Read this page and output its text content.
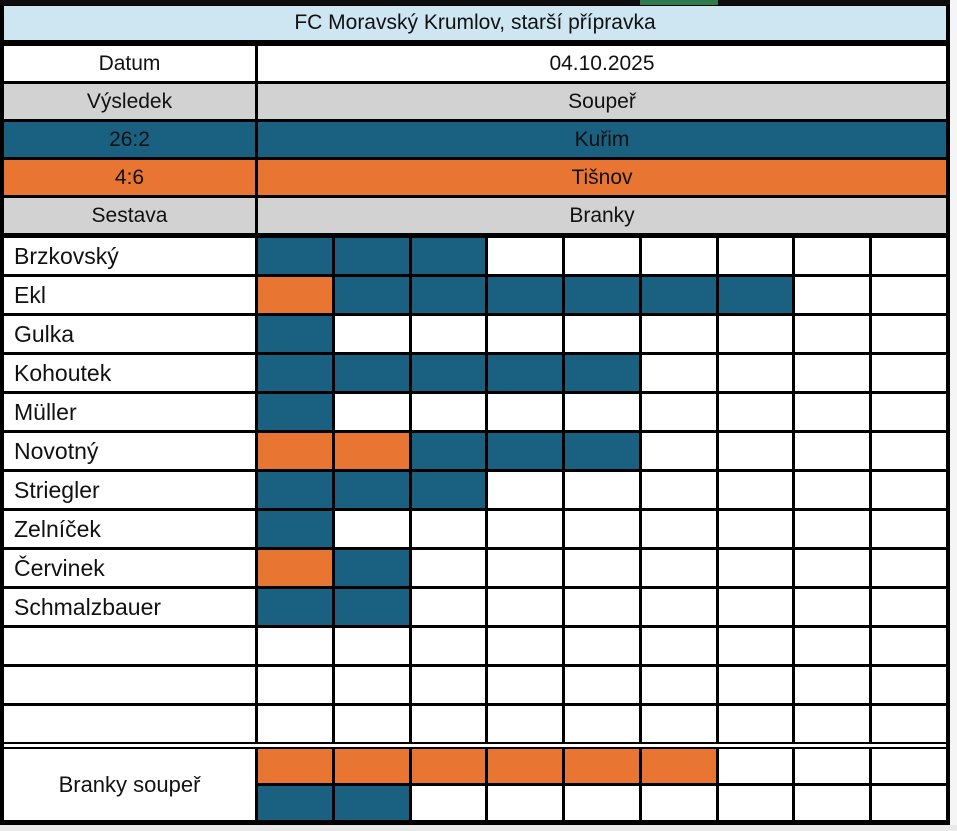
FC Moravský Krumlov, starší přípravka
Datum	04.10.2025
Výsledek	Soupeř
26:2	Kuřim
4:6	Tišnov
Sestava	Branky
Brzkovský
Ekl
Gulka
Kohoutek
Müller
Novotný
Striegler
Zelníček
Červinek
Schmalzbauer
Branky soupeř
